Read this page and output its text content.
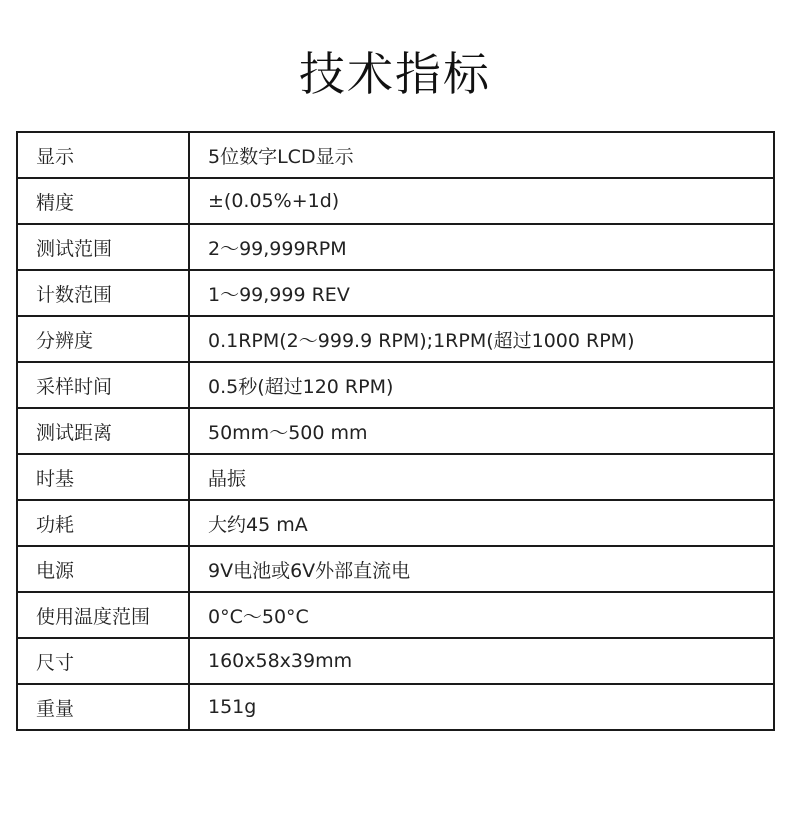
技术指标
显示	5位数字LCD显示
精度	±(0.05%+1d)
测试范围	2～99,999RPM
计数范围	1～99,999 REV
分辨度	0.1RPM(2～999.9 RPM);1RPM(超过1000 RPM)
采样时间	0.5秒(超过120 RPM)
测试距离	50mm～500 mm
时基	晶振
功耗	大约45 mA
电源	9V电池或6V外部直流电
使用温度范围	0°C～50°C
尺寸	160x58x39mm
重量	151g
